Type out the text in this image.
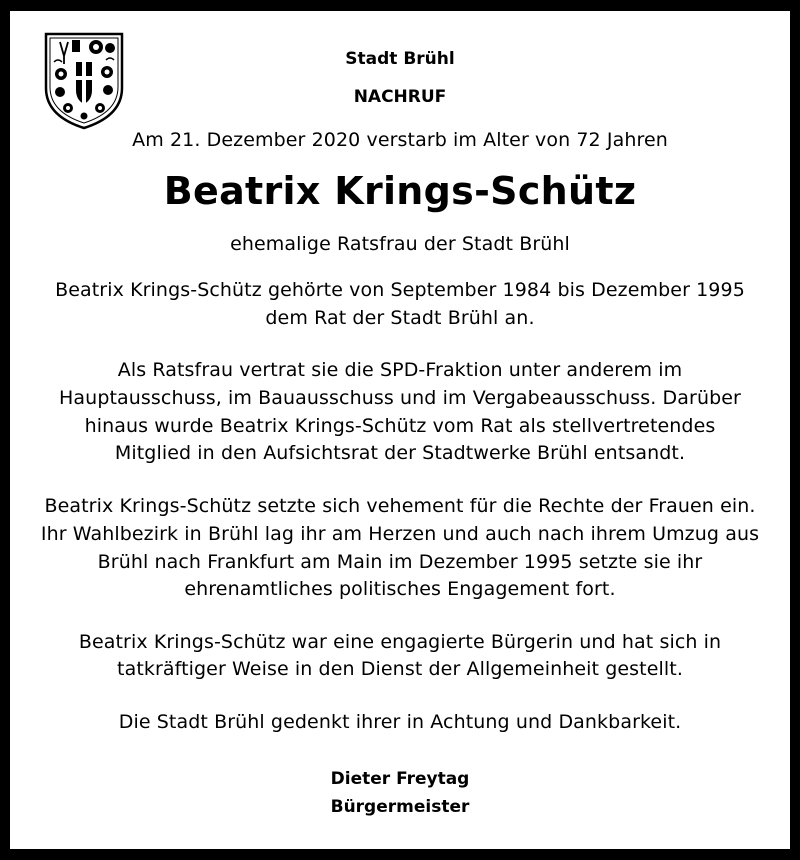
Stadt Brühl
NACHRUF
Am 21. Dezember 2020 verstarb im Alter von 72 Jahren
Beatrix Krings-Schütz
ehemalige Ratsfrau der Stadt Brühl
Beatrix Krings-Schütz gehörte von September 1984 bis Dezember 1995
dem Rat der Stadt Brühl an.
Als Ratsfrau vertrat sie die SPD-Fraktion unter anderem im
Hauptausschuss, im Bauausschuss und im Vergabeausschuss. Darüber
hinaus wurde Beatrix Krings-Schütz vom Rat als stellvertretendes
Mitglied in den Aufsichtsrat der Stadtwerke Brühl entsandt.
Beatrix Krings-Schütz setzte sich vehement für die Rechte der Frauen ein.
Ihr Wahlbezirk in Brühl lag ihr am Herzen und auch nach ihrem Umzug aus
Brühl nach Frankfurt am Main im Dezember 1995 setzte sie ihr
ehrenamtliches politisches Engagement fort.
Beatrix Krings-Schütz war eine engagierte Bürgerin und hat sich in
tatkräftiger Weise in den Dienst der Allgemeinheit gestellt.
Die Stadt Brühl gedenkt ihrer in Achtung und Dankbarkeit.
Dieter Freytag
Bürgermeister
